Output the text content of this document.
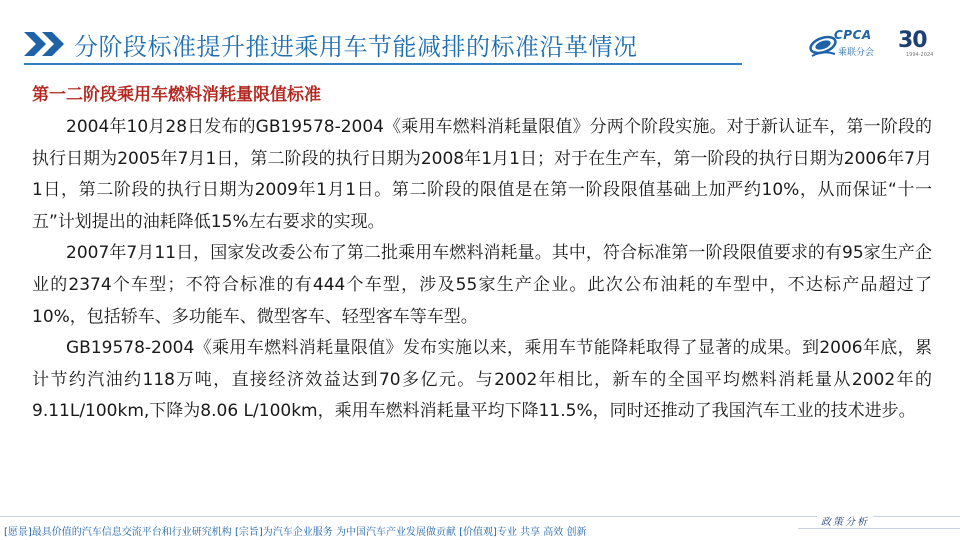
分阶段标准提升推进乘用车节能减排的标准沿革情况	CPCA
乘联分会 30
1994-2024
第一二阶段乘用车燃料消耗量限值标准

2004年10月28日发布的GB19578-2004《乘用车燃料消耗量限值》分两个阶段实施。对于新认证车，第一阶段的执行日期为2005年7月1日，第二阶段的执行日期为2008年1月1日；对于在生产车，第一阶段的执行日期为2006年7月1日，第二阶段的执行日期为2009年1月1日。第二阶段的限值是在第一阶段限值基础上加严约10%，从而保证“十一五”计划提出的油耗降低15%左右要求的实现。

2007年7月11日，国家发改委公布了第二批乘用车燃料消耗量。其中，符合标准第一阶段限值要求的有95家生产企业的2374个车型；不符合标准的有444个车型，涉及55家生产企业。此次公布油耗的车型中，不达标产品超过了10%，包括轿车、多功能车、微型客车、轻型客车等车型。

GB19578-2004《乘用车燃料消耗量限值》发布实施以来，乘用车节能降耗取得了显著的成果。到2006年底，累计节约汽油约118万吨，直接经济效益达到70多亿元。与2002年相比，新车的全国平均燃料消耗量从2002年的9.11L/100km,下降为8.06 L/100km，乘用车燃料消耗量平均下降11.5%，同时还推动了我国汽车工业的技术进步。

政策分析
[愿景]最具价值的汽车信息交流平台和行业研究机构 [宗旨]为汽车企业服务 为中国汽车产业发展做贡献 [价值观]专业 共享 高效 创新
